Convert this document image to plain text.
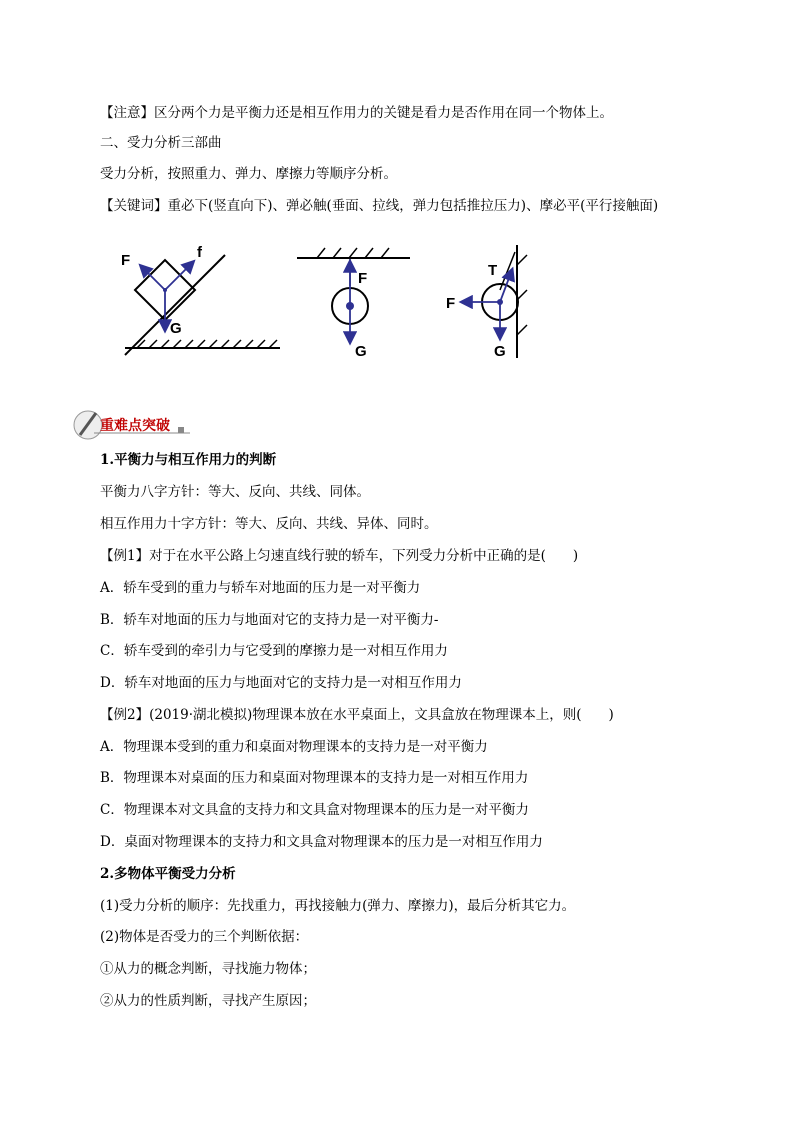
【注意】区分两个力是平衡力还是相互作用力的关键是看力是否作用在同一个物体上。
二、受力分析三部曲
受力分析，按照重力、弹力、摩擦力等顺序分析。
【关键词】重必下(竖直向下)、弹必触(垂面、拉线，弹力包括推拉压力)、摩必平(平行接触面)
F	f
G
F
G
T
F
G
重难点突破
1.平衡力与相互作用力的判断
平衡力八字方针：等大、反向、共线、同体。
相互作用力十字方针：等大、反向、共线、异体、同时。
【例1】对于在水平公路上匀速直线行驶的轿车，下列受力分析中正确的是(　　)
A．轿车受到的重力与轿车对地面的压力是一对平衡力
B．轿车对地面的压力与地面对它的支持力是一对平衡力-
C．轿车受到的牵引力与它受到的摩擦力是一对相互作用力
D．轿车对地面的压力与地面对它的支持力是一对相互作用力
【例2】(2019·湖北模拟)物理课本放在水平桌面上，文具盒放在物理课本上，则(　　)
A．物理课本受到的重力和桌面对物理课本的支持力是一对平衡力
B．物理课本对桌面的压力和桌面对物理课本的支持力是一对相互作用力
C．物理课本对文具盒的支持力和文具盒对物理课本的压力是一对平衡力
D．桌面对物理课本的支持力和文具盒对物理课本的压力是一对相互作用力
2.多物体平衡受力分析
(1)受力分析的顺序：先找重力，再找接触力(弹力、摩擦力)，最后分析其它力。
(2)物体是否受力的三个判断依据：
①从力的概念判断，寻找施力物体；
②从力的性质判断，寻找产生原因；
